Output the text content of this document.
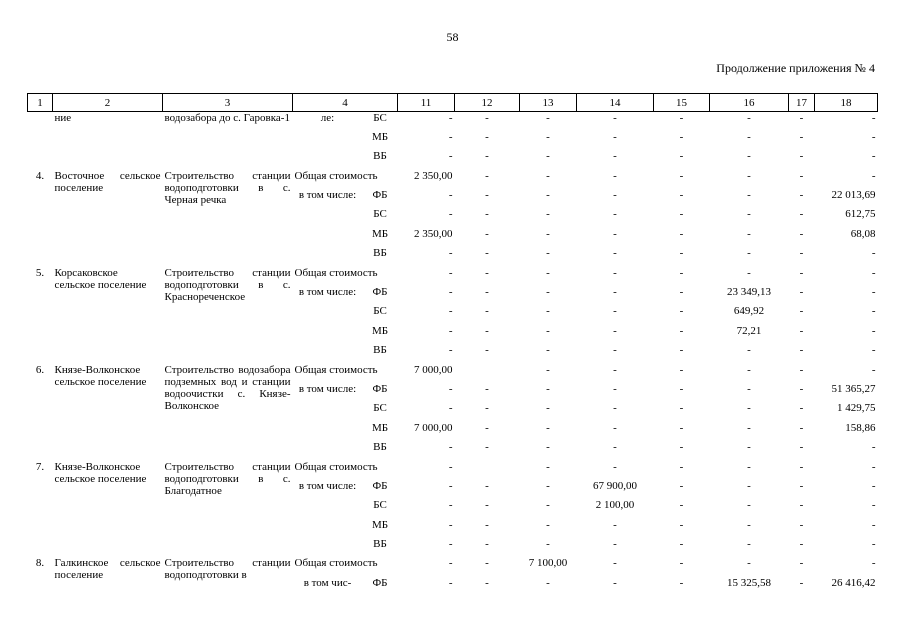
58
Продолжение приложения № 4
1	2	3	4		11	12	13	14	15	16	17	18
	ние	водозабора до с. Гаровка-1	ле:	БС	-	-	-	-	-	-	-	-
				МБ	-	-	-	-	-	-	-	-
				ВБ	-	-	-	-	-	-	-	-
4.	Восточное сельское поселение	Строительство станции водоподготовки в с. Черная речка	Общая стоимость		2 350,00	-	-	-	-	-	-	-
			в том числе:	ФБ	-	-	-	-	-	-	-	22 013,69
				БС	-	-	-	-	-	-	-	612,75
				МБ	2 350,00	-	-	-	-	-	-	68,08
				ВБ	-	-	-	-	-	-	-	-
5.	Корсаковское сельское поселение	Строительство станции водоподготовки в с. Краснореченское	Общая стоимость		-	-	-	-	-	-	-	-
			в том числе:	ФБ	-	-	-	-	-	23 349,13	-	-
				БС	-	-	-	-	-	649,92	-	-
				МБ	-	-	-	-	-	72,21	-	-
				ВБ	-	-	-	-	-	-	-	-
6.	Князе-Волконское сельское поселение	Строительство водозабора подземных вод и станции водоочистки с. Князе-Волконское	Общая стоимость		7 000,00		-	-	-	-	-	-
			в том числе:	ФБ	-	-	-	-	-	-	-	51 365,27
				БС	-	-	-	-	-	-	-	1 429,75
				МБ	7 000,00	-	-	-	-	-	-	158,86
				ВБ	-	-	-	-	-	-	-	-
7.	Князе-Волконское сельское поселение	Строительство станции водоподготовки в с. Благодатное	Общая стоимость		-		-	-	-	-	-	-
			в том числе:	ФБ	-	-	-	67 900,00	-	-	-	-
				БС	-	-	-	2 100,00	-	-	-	-
				МБ	-	-	-	-	-	-	-	-
				ВБ	-	-	-	-	-	-	-	-
8.	Галкинское сельское поселение	Строительство станции водоподготовки в	Общая стоимость		-	-	7 100,00	-	-	-	-	-
			в том чис-	ФБ	-	-	-	-	-	15 325,58	-	26 416,42
